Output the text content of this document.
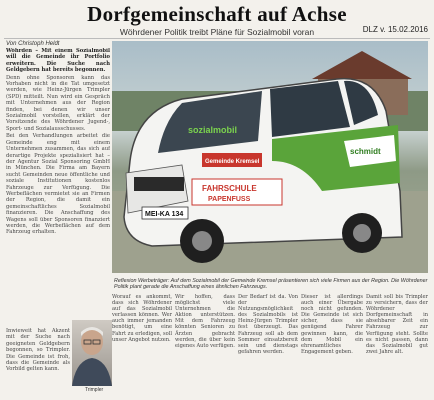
Dorfgemeinschaft auf Achse
Wöhrdener Politik treibt Pläne für Sozialmobil voran	DLZ v. 15.02.2016
Von Christoph Heldt

Wöhrden – Mit einem Sozialmobil will die Gemeinde ihr Portfolio erweitern. Die Suche nach Geldgebern hat bereits begonnen.

Denn ohne Sponsoren kann das Vorhaben nicht in die Tat umgesetzt werden, wie Heinz-Jürgen Trimpler (SPD) mitteilt. Nun wird ein Gespräch mit Unternehmen aus der Region finden, bei denen wir unser Sozialmobil vorstellen, erklärt der Vorsitzende des Wöhrdener Jugend-, Sport- und Sozialausschusses.

Bei den Verhandlungen arbeitet die Gemeinde eng mit einem Unternehmen zusammen, das sich auf derartige Projekte spezialisiert hat – der Agentur Sozial Sponsoring GmbH in München. Die Firma am Bayern sucht Gemeinden neue öffentliche und soziale Institutionen kostenlos Fahrzeuge zur Verfügung. Die Werbeflächen vermietet sie an Firmen der Region, die damit ein gemeinschaftliches Sozialmobil finanzieren. Die Anschaffung des Wagens soll über Sponsoren finanziert werden, die Werbeflächen auf dem Fahrzeug erhalten.

Inwieweit hat Akzent mit der Suche nach geeigneten Geldgebern begonnen, so Trimpler. Die Gemeinde ist froh, dass die Gemeinde als Vorbild gelten kann.

sozialmobil
MEI-KA 134
schmidt
Gemeinde Kremsel
FAHRSCHULE
PAPENFUSS
Reflexion Werbeträger: Auf dem Sozialmobil der Gemeinde Kremsel präsentieren sich viele Firmen aus der Region. Die Wöhrdener Politik plant gerade die Anschaffung eines ähnlichen Fahrzeugs.
Worauf es ankommt, dass sich Wöhrdener auf das Sozialmobil verlassen können. Wer auch immer jemanden benötigt, um eine Fahrt zu erledigen, soll unser Angebot nutzen.
Wir hoffen, dass möglichst viele Unternehmen die Aktion unterstützen. Mit dem Fahrzeug könnten Senioren zu Ärzten gebracht werden, die über kein eigenes Auto verfügen.
Der Bedarf ist da. Von der Nutzungsmöglichkeit des Sozialmobils ist Heinz-Jürgen Trimpler fest überzeugt. Das Fahrzeug soll ab dem Sommer einsatzbereit sein und dienstags gefahren werden.
Dieser ist allerdings auch einer Übergabe noch nicht gefunden. Die Gemeinde ist sich sicher, dass sie genügend Fahrer gewinnen kann, die dem Mobil ein ehrenamtliches Engagement geben.
Damit soll bis Trimpler zu versichern, dass der Wöhrdener Dorfgemeinschaft in absehbarer Zeit ein Fahrzeug zur Verfügung steht. Sollte es nicht passen, dann das Sozialmobil gut zwei Jahre alt.
Trimpler
